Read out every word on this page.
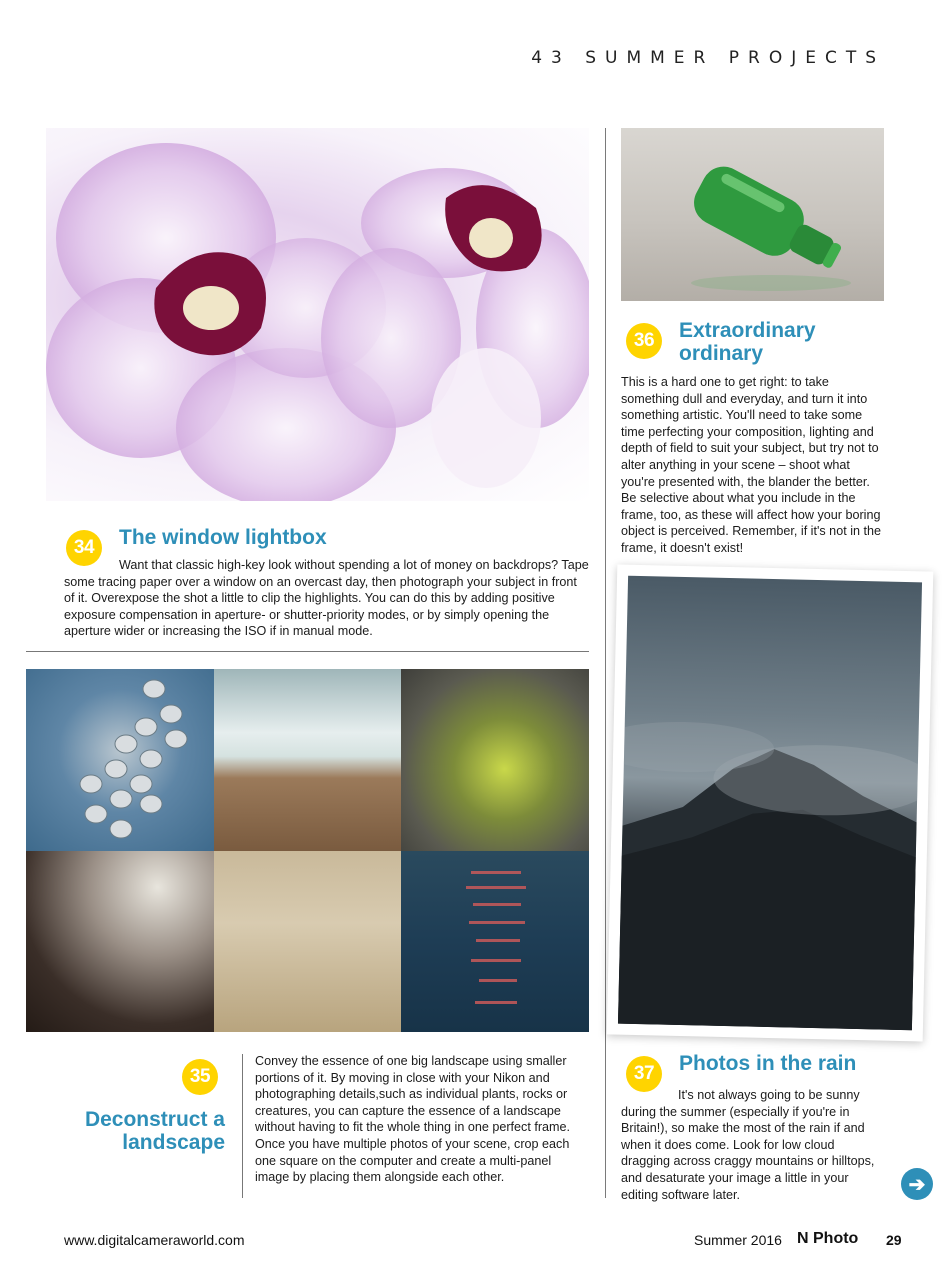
43 SUMMER PROJECTS
34	The window lightbox
Want that classic high-key look without spending a lot of money on backdrops? Tape some tracing paper over a window on an overcast day, then photograph your subject in front of it. Overexpose the shot a little to clip the highlights. You can do this by adding positive exposure compensation in aperture- or shutter-priority modes, or by simply opening the aperture wider or increasing the ISO if in manual mode.
35
Deconstruct a
landscape
Convey the essence of one big landscape using smaller portions of it. By moving in close with your Nikon and photographing details,such as individual plants, rocks or creatures, you can capture the essence of a landscape without having to fit the whole thing in one perfect frame. Once you have multiple photos of your scene, crop each one square on the computer and create a multi-panel image by placing them alongside each other.
36	Extraordinary
ordinary
This is a hard one to get right: to take something dull and everyday, and turn it into something artistic. You'll need to take some time perfecting your composition, lighting and depth of field to suit your subject, but try not to alter anything in your scene – shoot what you're presented with, the blander the better. Be selective about what you include in the frame, too, as these will affect how your boring object is perceived. Remember, if it's not in the frame, it doesn't exist!
37	Photos in the rain
It's not always going to be sunny during the summer (especially if you're in Britain!), so make the most of the rain if and when it does come. Look for low cloud dragging across craggy mountains or hilltops, and desaturate your image a little in your editing software later.	➔
www.digitalcameraworld.com	Summer 2016 N Photo 29
